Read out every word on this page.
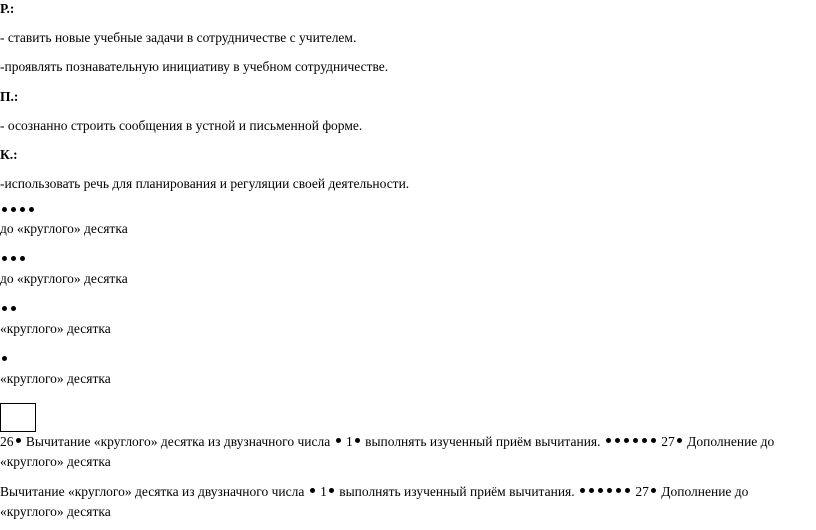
Р.:
- ставить новые учебные задачи в сотрудничестве с учителем.
-проявлять познавательную инициативу в учебном сотрудничестве.
П.:
- осознанно строить сообщения в устной и письменной форме.
К.:
-использовать речь для планирования и регуляции своей деятельности.
до «круглого» десятка
до «круглого» десятка
«круглого» десятка
«круглого» десятка
26 Вычитание «круглого» десятка из двузначного числа 1 выполнять изученный приём вычитания.	27 Дополнение до
«круглого» десятка
Вычитание «круглого» десятка из двузначного числа 1 выполнять изученный приём вычитания.	27 Дополнение до
«круглого» десятка
